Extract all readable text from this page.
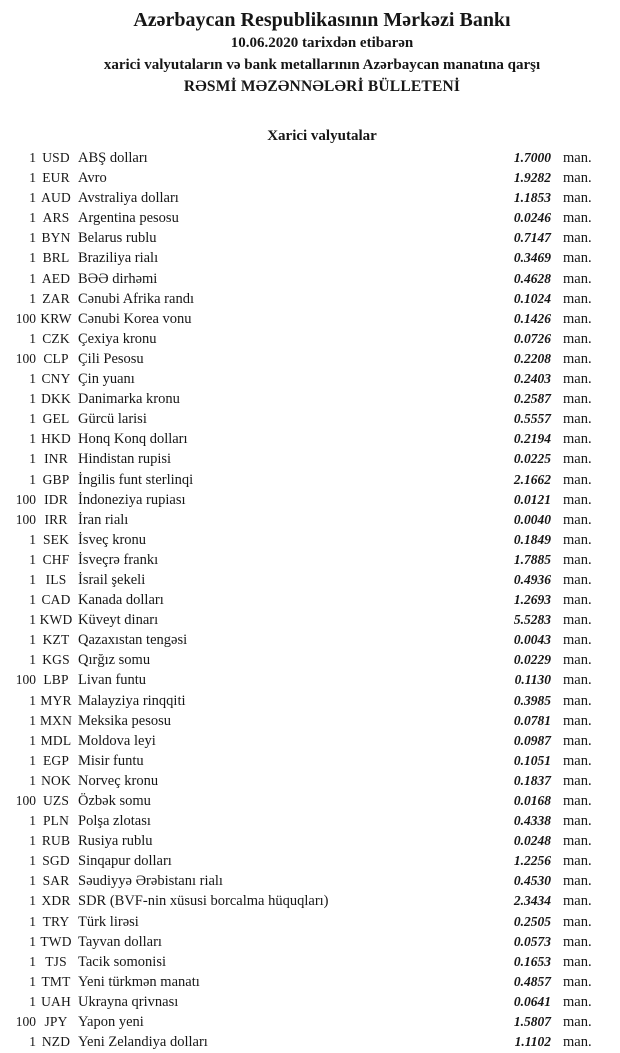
Azərbaycan Respublikasının Mərkəzi Bankı
10.06.2020 tarixdən etibarən
xarici valyutaların və bank metallarının Azərbaycan manatına qarşı
RƏSMİ MƏZƏNNƏLƏRİ BÜLLETENİ
Xarici valyutalar
1 USD ABŞ dolları	1.7000 man.
1 EUR Avro	1.9282 man.
1 AUD Avstraliya dolları	1.1853 man.
1 ARS Argentina pesosu	0.0246 man.
1 BYN Belarus rublu	0.7147 man.
1 BRL Braziliya rialı	0.3469 man.
1 AED BƏƏ dirhəmi	0.4628 man.
1 ZAR Cənubi Afrika randı	0.1024 man.
100 KRW Cənubi Korea vonu	0.1426 man.
1 CZK Çexiya kronu	0.0726 man.
100 CLP Çili Pesosu	0.2208 man.
1 CNY Çin yuanı	0.2403 man.
1 DKK Danimarka kronu	0.2587 man.
1 GEL Gürcü larisi	0.5557 man.
1 HKD Honq Konq dolları	0.2194 man.
1 INR Hindistan rupisi	0.0225 man.
1 GBP İngilis funt sterlinqi	2.1662 man.
100 IDR İndoneziya rupiası	0.0121 man.
100 IRR İran rialı	0.0040 man.
1 SEK İsveç kronu	0.1849 man.
1 CHF İsveçrə frankı	1.7885 man.
1 ILS İsrail şekeli	0.4936 man.
1 CAD Kanada dolları	1.2693 man.
1 KWD Küveyt dinarı	5.5283 man.
1 KZT Qazaxıstan tengəsi	0.0043 man.
1 KGS Qırğız somu	0.0229 man.
100 LBP Livan funtu	0.1130 man.
1 MYR Malayziya rinqqiti	0.3985 man.
1 MXN Meksika pesosu	0.0781 man.
1 MDL Moldova leyi	0.0987 man.
1 EGP Misir funtu	0.1051 man.
1 NOK Norveç kronu	0.1837 man.
100 UZS Özbək somu	0.0168 man.
1 PLN Polşa zlotası	0.4338 man.
1 RUB Rusiya rublu	0.0248 man.
1 SGD Sinqapur dolları	1.2256 man.
1 SAR Səudiyyə Ərəbistanı rialı	0.4530 man.
1 XDR SDR (BVF-nin xüsusi borcalma hüquqları)	2.3434 man.
1 TRY Türk lirəsi	0.2505 man.
1 TWD Tayvan dolları	0.0573 man.
1 TJS Tacik somonisi	0.1653 man.
1 TMT Yeni türkmən manatı	0.4857 man.
1 UAH Ukrayna qrivnası	0.0641 man.
100 JPY Yapon yeni	1.5807 man.
1 NZD Yeni Zelandiya dolları	1.1102 man.
